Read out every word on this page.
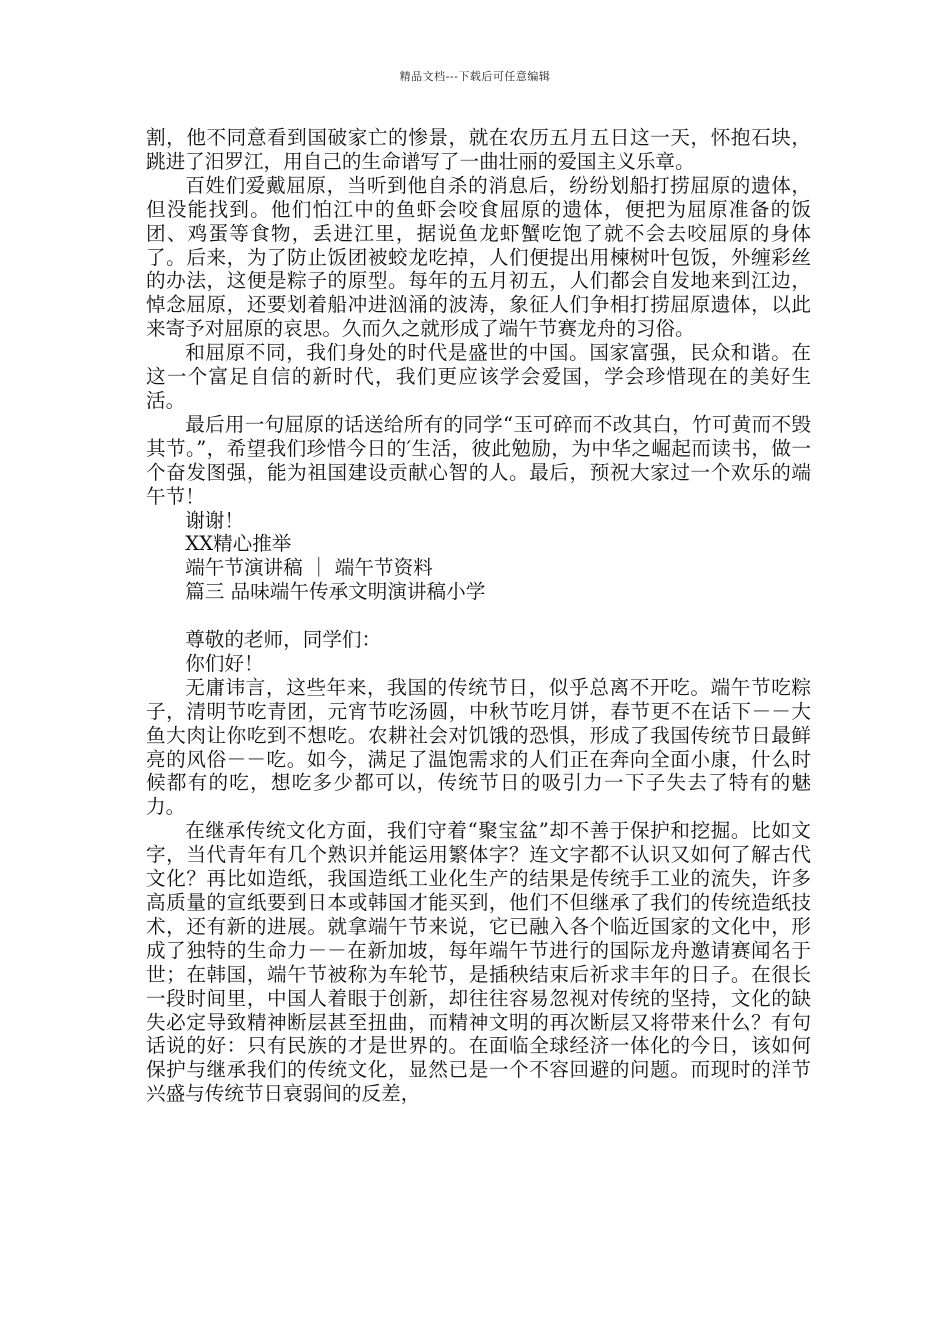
精品文档---下载后可任意编辑

割，他不同意看到国破家亡的惨景，就在农历五月五日这一天，怀抱石块，跳进了汨罗江，用自己的生命谱写了一曲壮丽的爱国主义乐章。

百姓们爱戴屈原，当听到他自杀的消息后，纷纷划船打捞屈原的遗体，但没能找到。他们怕江中的鱼虾会咬食屈原的遗体，便把为屈原准备的饭团、鸡蛋等食物，丢进江里，据说鱼龙虾蟹吃饱了就不会去咬屈原的身体了。后来，为了防止饭团被蛟龙吃掉，人们便提出用楝树叶包饭，外缠彩丝的办法，这便是粽子的原型。每年的五月初五，人们都会自发地来到江边，悼念屈原，还要划着船冲进汹涌的波涛，象征人们争相打捞屈原遗体，以此来寄予对屈原的哀思。久而久之就形成了端午节赛龙舟的习俗。

和屈原不同，我们身处的时代是盛世的中国。国家富强，民众和谐。在这一个富足自信的新时代，我们更应该学会爱国，学会珍惜现在的美好生活。

最后用一句屈原的话送给所有的同学“玉可碎而不改其白，竹可黄而不毁其节。”，希望我们珍惜今日的′生活，彼此勉励，为中华之崛起而读书，做一个奋发图强，能为祖国建设贡献心智的人。最后，预祝大家过一个欢乐的端午节！

谢谢！

XX精心推举

端午节演讲稿 ｜ 端午节资料

篇三 品味端午传承文明演讲稿小学

尊敬的老师，同学们：

你们好！

无庸讳言，这些年来，我国的传统节日，似乎总离不开吃。端午节吃粽子，清明节吃青团，元宵节吃汤圆，中秋节吃月饼，春节更不在话下－－大鱼大肉让你吃到不想吃。农耕社会对饥饿的恐惧，形成了我国传统节日最鲜亮的风俗－－吃。如今，满足了温饱需求的人们正在奔向全面小康，什么时候都有的吃，想吃多少都可以，传统节日的吸引力一下子失去了特有的魅力。

在继承传统文化方面，我们守着“聚宝盆”却不善于保护和挖掘。比如文字，当代青年有几个熟识并能运用繁体字？连文字都不认识又如何了解古代文化？再比如造纸，我国造纸工业化生产的结果是传统手工业的流失，许多高质量的宣纸要到日本或韩国才能买到，他们不但继承了我们的传统造纸技术，还有新的进展。就拿端午节来说，它已融入各个临近国家的文化中，形成了独特的生命力－－在新加坡，每年端午节进行的国际龙舟邀请赛闻名于世；在韩国，端午节被称为车轮节，是插秧结束后祈求丰年的日子。在很长一段时间里，中国人着眼于创新，却往往容易忽视对传统的坚持，文化的缺失必定导致精神断层甚至扭曲，而精神文明的再次断层又将带来什么？有句话说的好：只有民族的才是世界的。在面临全球经济一体化的今日，该如何保护与继承我们的传统文化，显然已是一个不容回避的问题。而现时的洋节兴盛与传统节日衰弱间的反差，
